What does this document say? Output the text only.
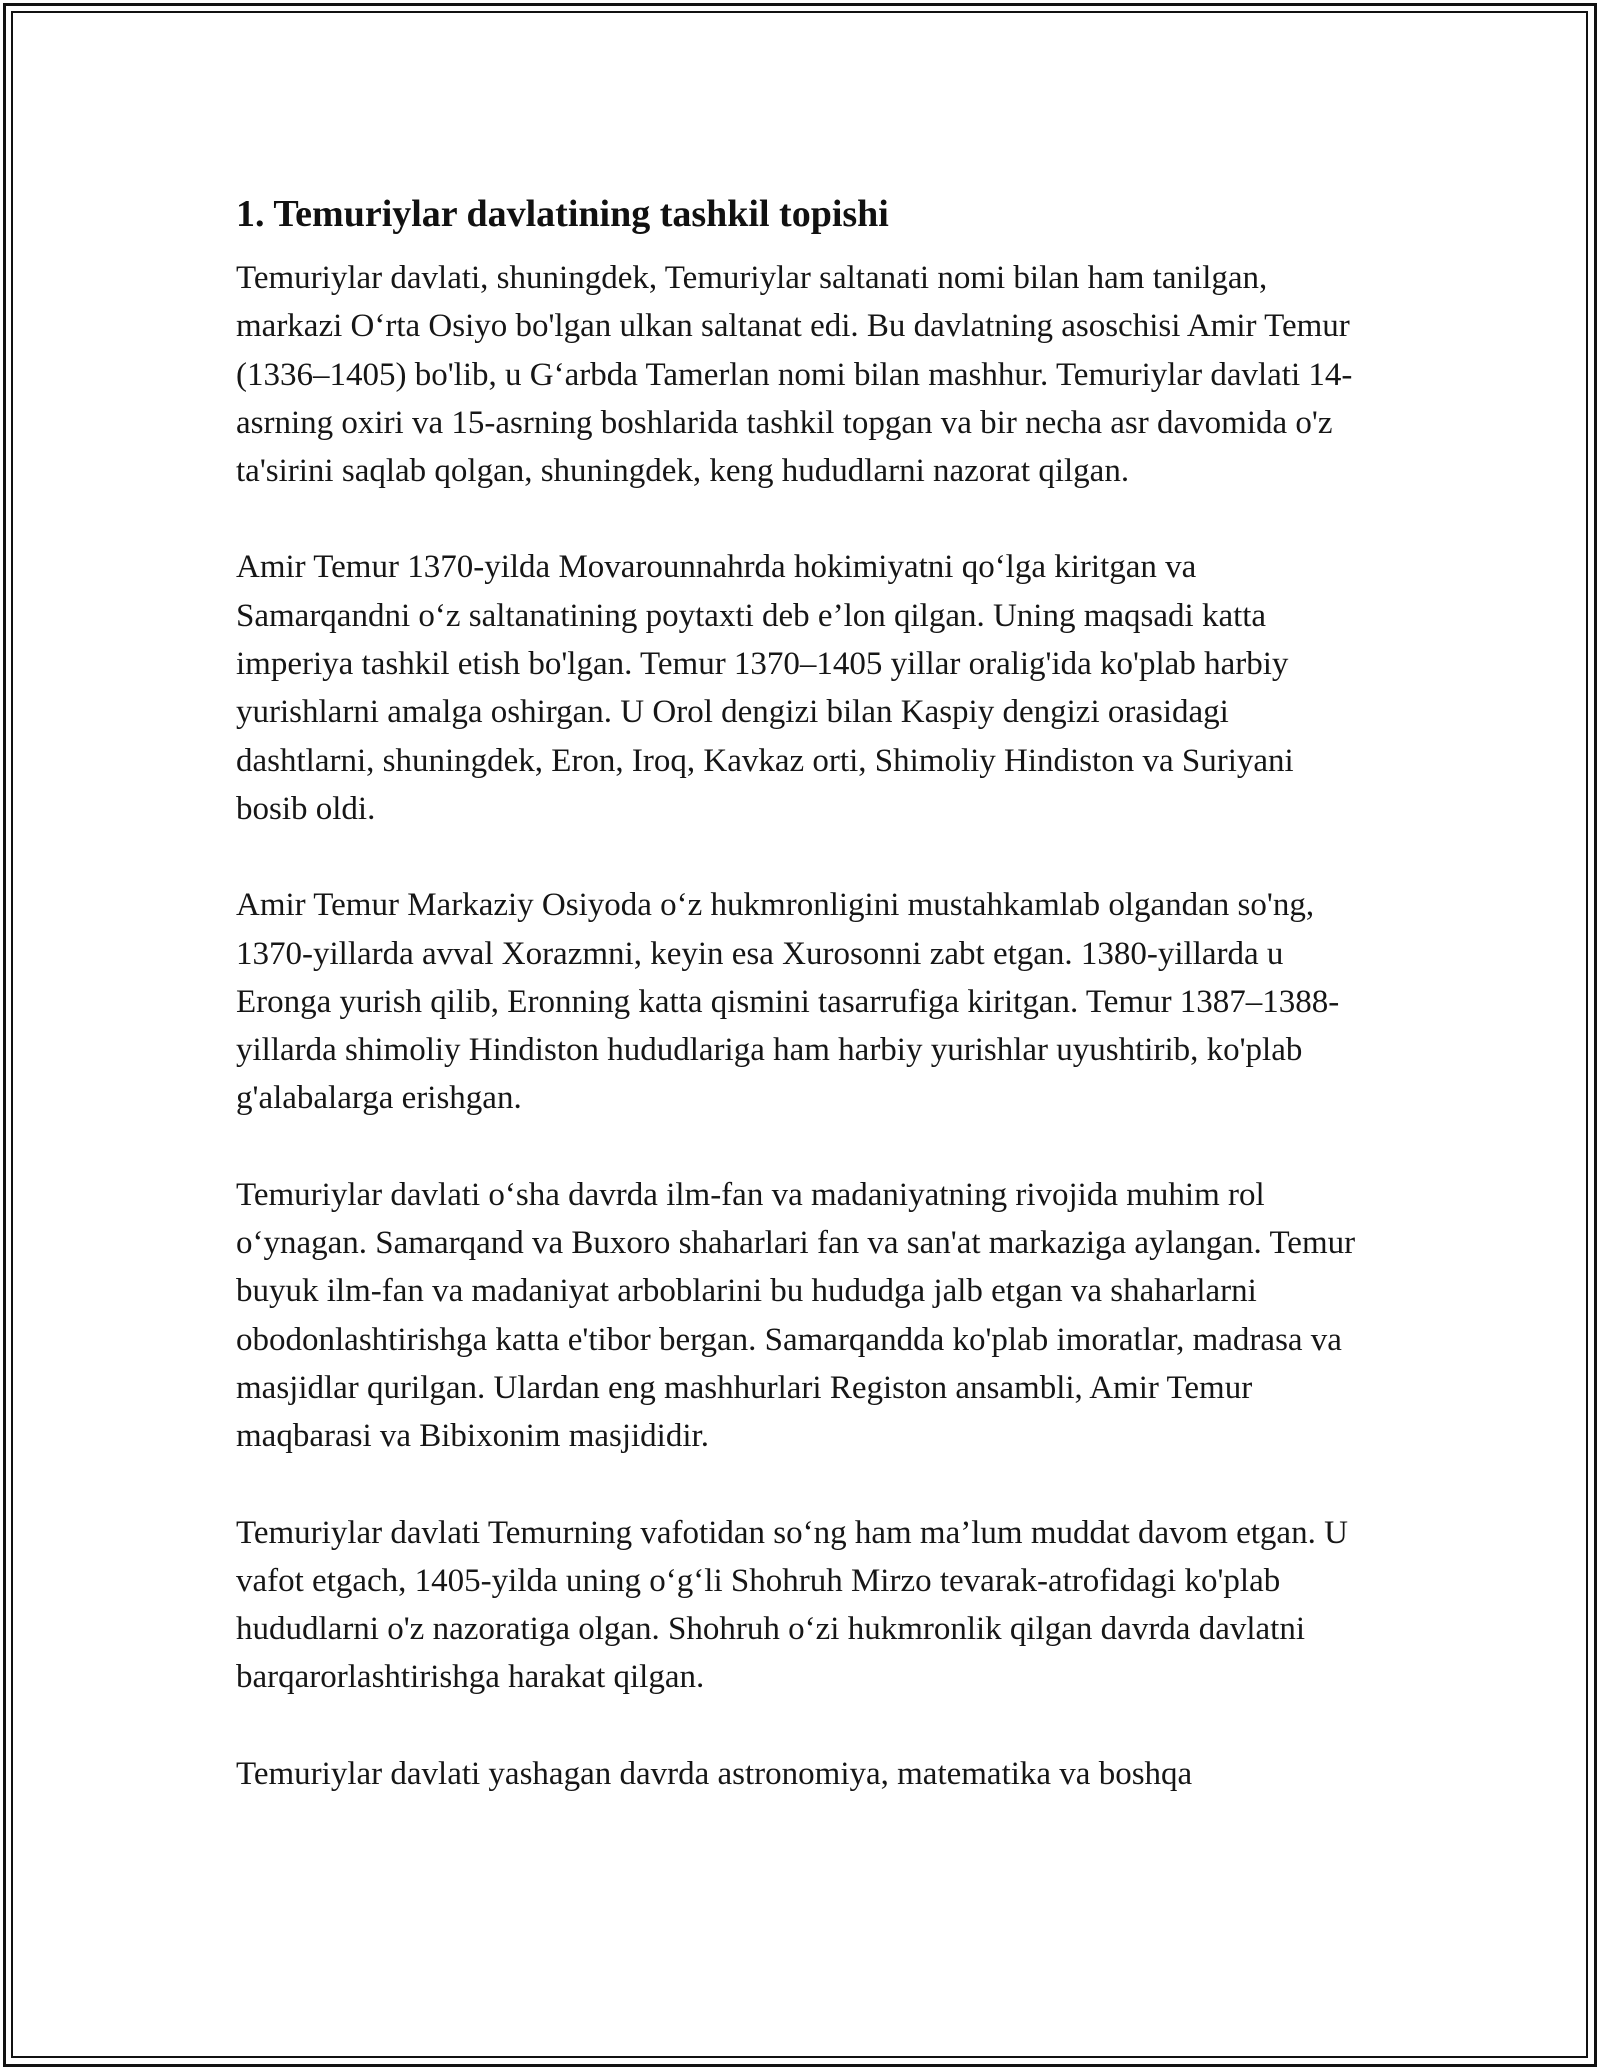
1. Temuriylar davlatining tashkil topishi

Temuriylar davlati, shuningdek, Temuriylar saltanati nomi bilan ham tanilgan, markazi O‘rta Osiyo bo'lgan ulkan saltanat edi. Bu davlatning asoschisi Amir Temur (1336–1405) bo'lib, u G‘arbda Tamerlan nomi bilan mashhur. Temuriylar davlati 14-asrning oxiri va 15-asrning boshlarida tashkil topgan va bir necha asr davomida o'z ta'sirini saqlab qolgan, shuningdek, keng hududlarni nazorat qilgan.

Amir Temur 1370-yilda Movarounnahrda hokimiyatni qo‘lga kiritgan va Samarqandni o‘z saltanatining poytaxti deb e’lon qilgan. Uning maqsadi katta imperiya tashkil etish bo'lgan. Temur 1370–1405 yillar oralig'ida ko'plab harbiy yurishlarni amalga oshirgan. U Orol dengizi bilan Kaspiy dengizi orasidagi dashtlarni, shuningdek, Eron, Iroq, Kavkaz orti, Shimoliy Hindiston va Suriyani bosib oldi.

Amir Temur Markaziy Osiyoda o‘z hukmronligini mustahkamlab olgandan so'ng, 1370-yillarda avval Xorazmni, keyin esa Xurosonni zabt etgan. 1380-yillarda u Eronga yurish qilib, Eronning katta qismini tasarrufiga kiritgan. Temur 1387–1388-yillarda shimoliy Hindiston hududlariga ham harbiy yurishlar uyushtirib, ko'plab g'alabalarga erishgan.

Temuriylar davlati o‘sha davrda ilm-fan va madaniyatning rivojida muhim rol o‘ynagan. Samarqand va Buxoro shaharlari fan va san'at markaziga aylangan. Temur buyuk ilm-fan va madaniyat arboblarini bu hududga jalb etgan va shaharlarni obodonlashtirishga katta e'tibor bergan. Samarqandda ko'plab imoratlar, madrasa va masjidlar qurilgan. Ulardan eng mashhurlari Registon ansambli, Amir Temur maqbarasi va Bibixonim masjididir.

Temuriylar davlati Temurning vafotidan so‘ng ham ma’lum muddat davom etgan. U vafot etgach, 1405-yilda uning o‘g‘li Shohruh Mirzo tevarak-atrofidagi ko'plab hududlarni o'z nazoratiga olgan. Shohruh o‘zi hukmronlik qilgan davrda davlatni barqarorlashtirishga harakat qilgan.

Temuriylar davlati yashagan davrda astronomiya, matematika va boshqa
